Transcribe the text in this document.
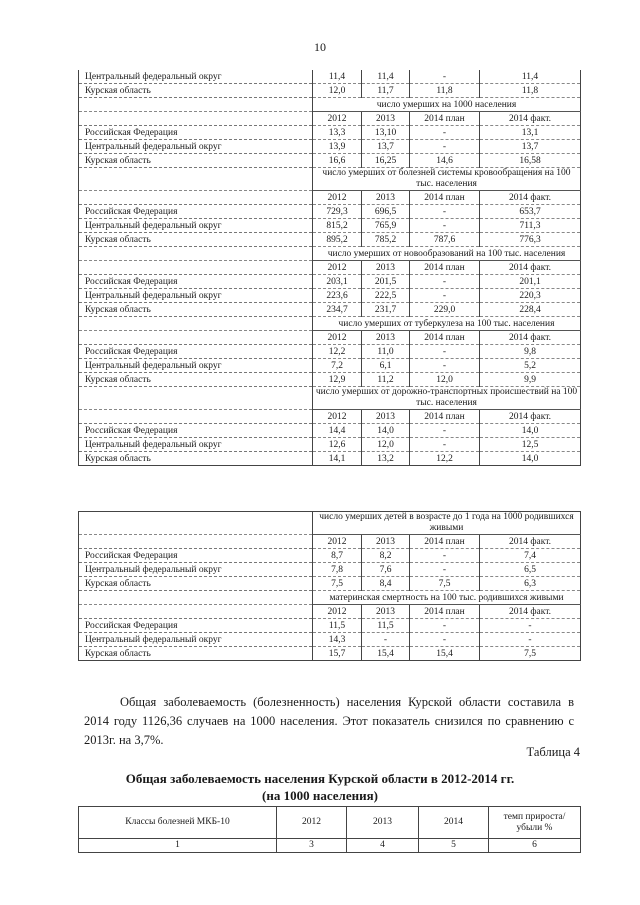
10
Центральный федеральный округ	11,4	11,4	-	11,4
Курская область	12,0	11,7	11,8	11,8
	число умерших на 1000 населения			
	2012	2013	2014 план	2014 факт.
Российская Федерация	13,3	13,10	-	13,1
Центральный федеральный округ	13,9	13,7	-	13,7
Курская область	16,6	16,25	14,6	16,58
	число умерших от болезней системы кровообращения на 100 тыс. населения			
	2012	2013	2014 план	2014 факт.
Российская Федерация	729,3	696,5	-	653,7
Центральный федеральный округ	815,2	765,9	-	711,3
Курская область	895,2	785,2	787,6	776,3
	число умерших от новообразований на 100 тыс. населения			
	2012	2013	2014 план	2014 факт.
Российская Федерация	203,1	201,5	-	201,1
Центральный федеральный округ	223,6	222,5	-	220,3
Курская область	234,7	231,7	229,0	228,4
	число умерших от туберкулеза на 100 тыс. населения			
	2012	2013	2014 план	2014 факт.
Российская Федерация	12,2	11,0	-	9,8
Центральный федеральный округ	7,2	6,1	-	5,2
Курская область	12,9	11,2	12,0	9,9
	число умерших от дорожно-транспортных происшествий на 100 тыс. населения			
	2012	2013	2014 план	2014 факт.
Российская Федерация	14,4	14,0	-	14,0
Центральный федеральный округ	12,6	12,0	-	12,5
Курская область	14,1	13,2	12,2	14,0
	число умерших детей в возрасте до 1 года на 1000 родившихся живыми			
	2012	2013	2014 план	2014 факт.
Российская Федерация	8,7	8,2	-	7,4
Центральный федеральный округ	7,8	7,6	-	6,5
Курская область	7,5	8,4	7,5	6,3
	материнская смертность на 100 тыс. родившихся живыми			
	2012	2013	2014 план	2014 факт.
Российская Федерация	11,5	11,5	-	-
Центральный федеральный округ	14,3	-	-	-
Курская область	15,7	15,4	15,4	7,5

Общая заболеваемость (болезненность) населения Курской области составила в 2014 году 1126,36 случаев на 1000 населения. Этот показатель снизился по сравнению с 2013г. на 3,7%.

Таблица 4
Общая заболеваемость населения Курской области в 2012-2014 гг.
(на 1000 населения)
Классы болезней МКБ-10	2012	2013	2014	темп прироста/убыли %
1	3	4	5	6
